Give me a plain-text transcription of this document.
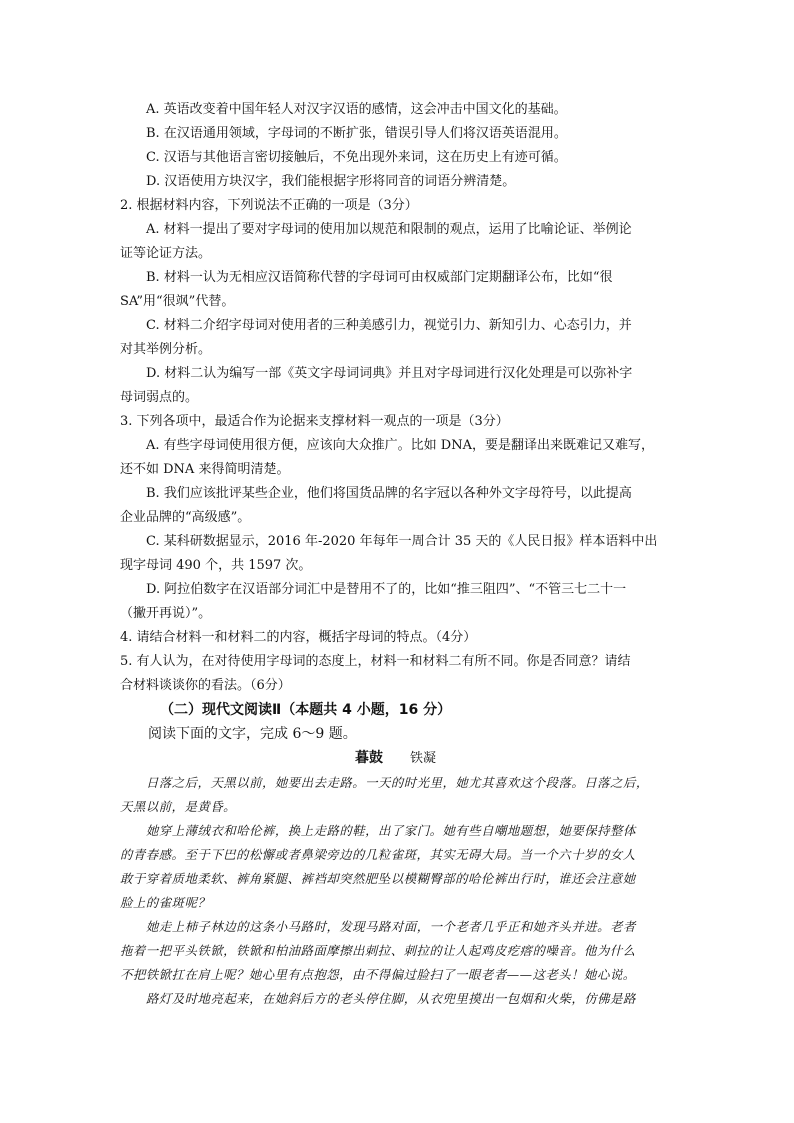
A. 英语改变着中国年轻人对汉字汉语的感情，这会冲击中国文化的基础。
B. 在汉语通用领域，字母词的不断扩张，错误引导人们将汉语英语混用。
C. 汉语与其他语言密切接触后，不免出现外来词，这在历史上有迹可循。
D. 汉语使用方块汉字，我们能根据字形将同音的词语分辨清楚。
2. 根据材料内容，下列说法不正确的一项是（3分）
A. 材料一提出了要对字母词的使用加以规范和限制的观点，运用了比喻论证、举例论
证等论证方法。
B. 材料一认为无相应汉语简称代替的字母词可由权威部门定期翻译公布，比如“很
SA”用“很飒”代替。
C. 材料二介绍字母词对使用者的三种美感引力，视觉引力、新知引力、心态引力，并
对其举例分析。
D. 材料二认为编写一部《英文字母词词典》并且对字母词进行汉化处理是可以弥补字
母词弱点的。
3. 下列各项中，最适合作为论据来支撑材料一观点的一项是（3分）
A. 有些字母词使用很方便，应该向大众推广。比如 DNA，要是翻译出来既难记又难写，
还不如 DNA 来得简明清楚。
B. 我们应该批评某些企业，他们将国货品牌的名字冠以各种外文字母符号，以此提高
企业品牌的“高级感”。
C. 某科研数据显示，2016 年-2020 年每年一周合计 35 天的《人民日报》样本语料中出
现字母词 490 个，共 1597 次。
D. 阿拉伯数字在汉语部分词汇中是替用不了的，比如“推三阻四”、“不管三七二十一
（撇开再说）”。
4. 请结合材料一和材料二的内容，概括字母词的特点。（4分）
5. 有人认为，在对待使用字母词的态度上，材料一和材料二有所不同。你是否同意？请结
合材料谈谈你的看法。（6分）
（二）现代文阅读Ⅱ（本题共 4 小题，16 分）
阅读下面的文字，完成 6～9 题。
暮鼓 铁凝
日落之后，天黑以前，她要出去走路。一天的时光里，她尤其喜欢这个段落。日落之后，
天黑以前，是黄昏。
她穿上薄绒衣和哈伦裤，换上走路的鞋，出了家门。她有些自嘲地题想，她要保持整体
的青春感。至于下巴的松懈或者鼻梁旁边的几粒雀斑，其实无碍大局。当一个六十岁的女人
敢于穿着质地柔软、裤角紧腿、裤裆却突然肥坠以模糊臀部的哈伦裤出行时，谁还会注意她
脸上的雀斑呢？
她走上柿子林边的这条小马路时，发现马路对面，一个老者几乎正和她齐头并进。老者
拖着一把平头铁锨，铁锨和柏油路面摩擦出刺拉、刺拉的让人起鸡皮疙瘩的噪音。他为什么
不把铁锨扛在肩上呢？她心里有点抱怨，由不得偏过脸扫了一眼老者——这老头！她心说。
路灯及时地亮起来，在她斜后方的老头停住脚，从衣兜里摸出一包烟和火柴，仿佛是路
